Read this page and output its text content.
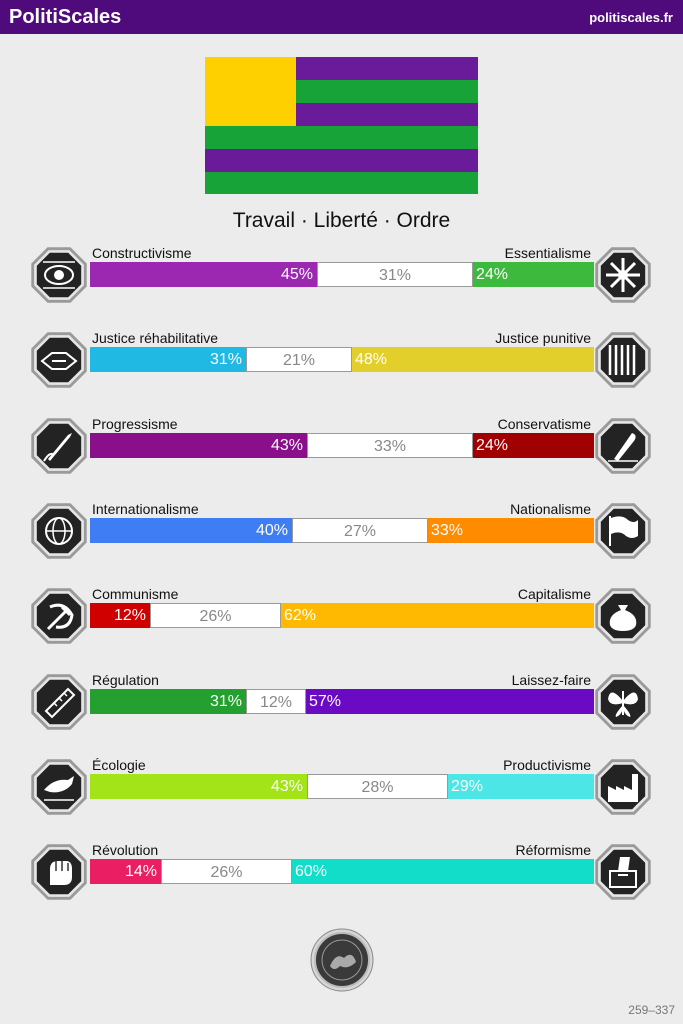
PolitiScales	politiscales.fr
Travail · Liberté · Ordre
Constructivisme	Essentialisme
45%	31%	24%
Justice réhabilitative	Justice punitive
31%	21%	48%
Progressisme	Conservatisme
43%	33%	24%
Internationalisme	Nationalisme
40%	27%	33%
Communisme	Capitalisme
12%	26%	62%
Régulation	Laissez-faire
31%	12%	57%
Écologie	Productivisme
43%	28%	29%
Révolution	Réformisme
14%	26%	60%
259–337
